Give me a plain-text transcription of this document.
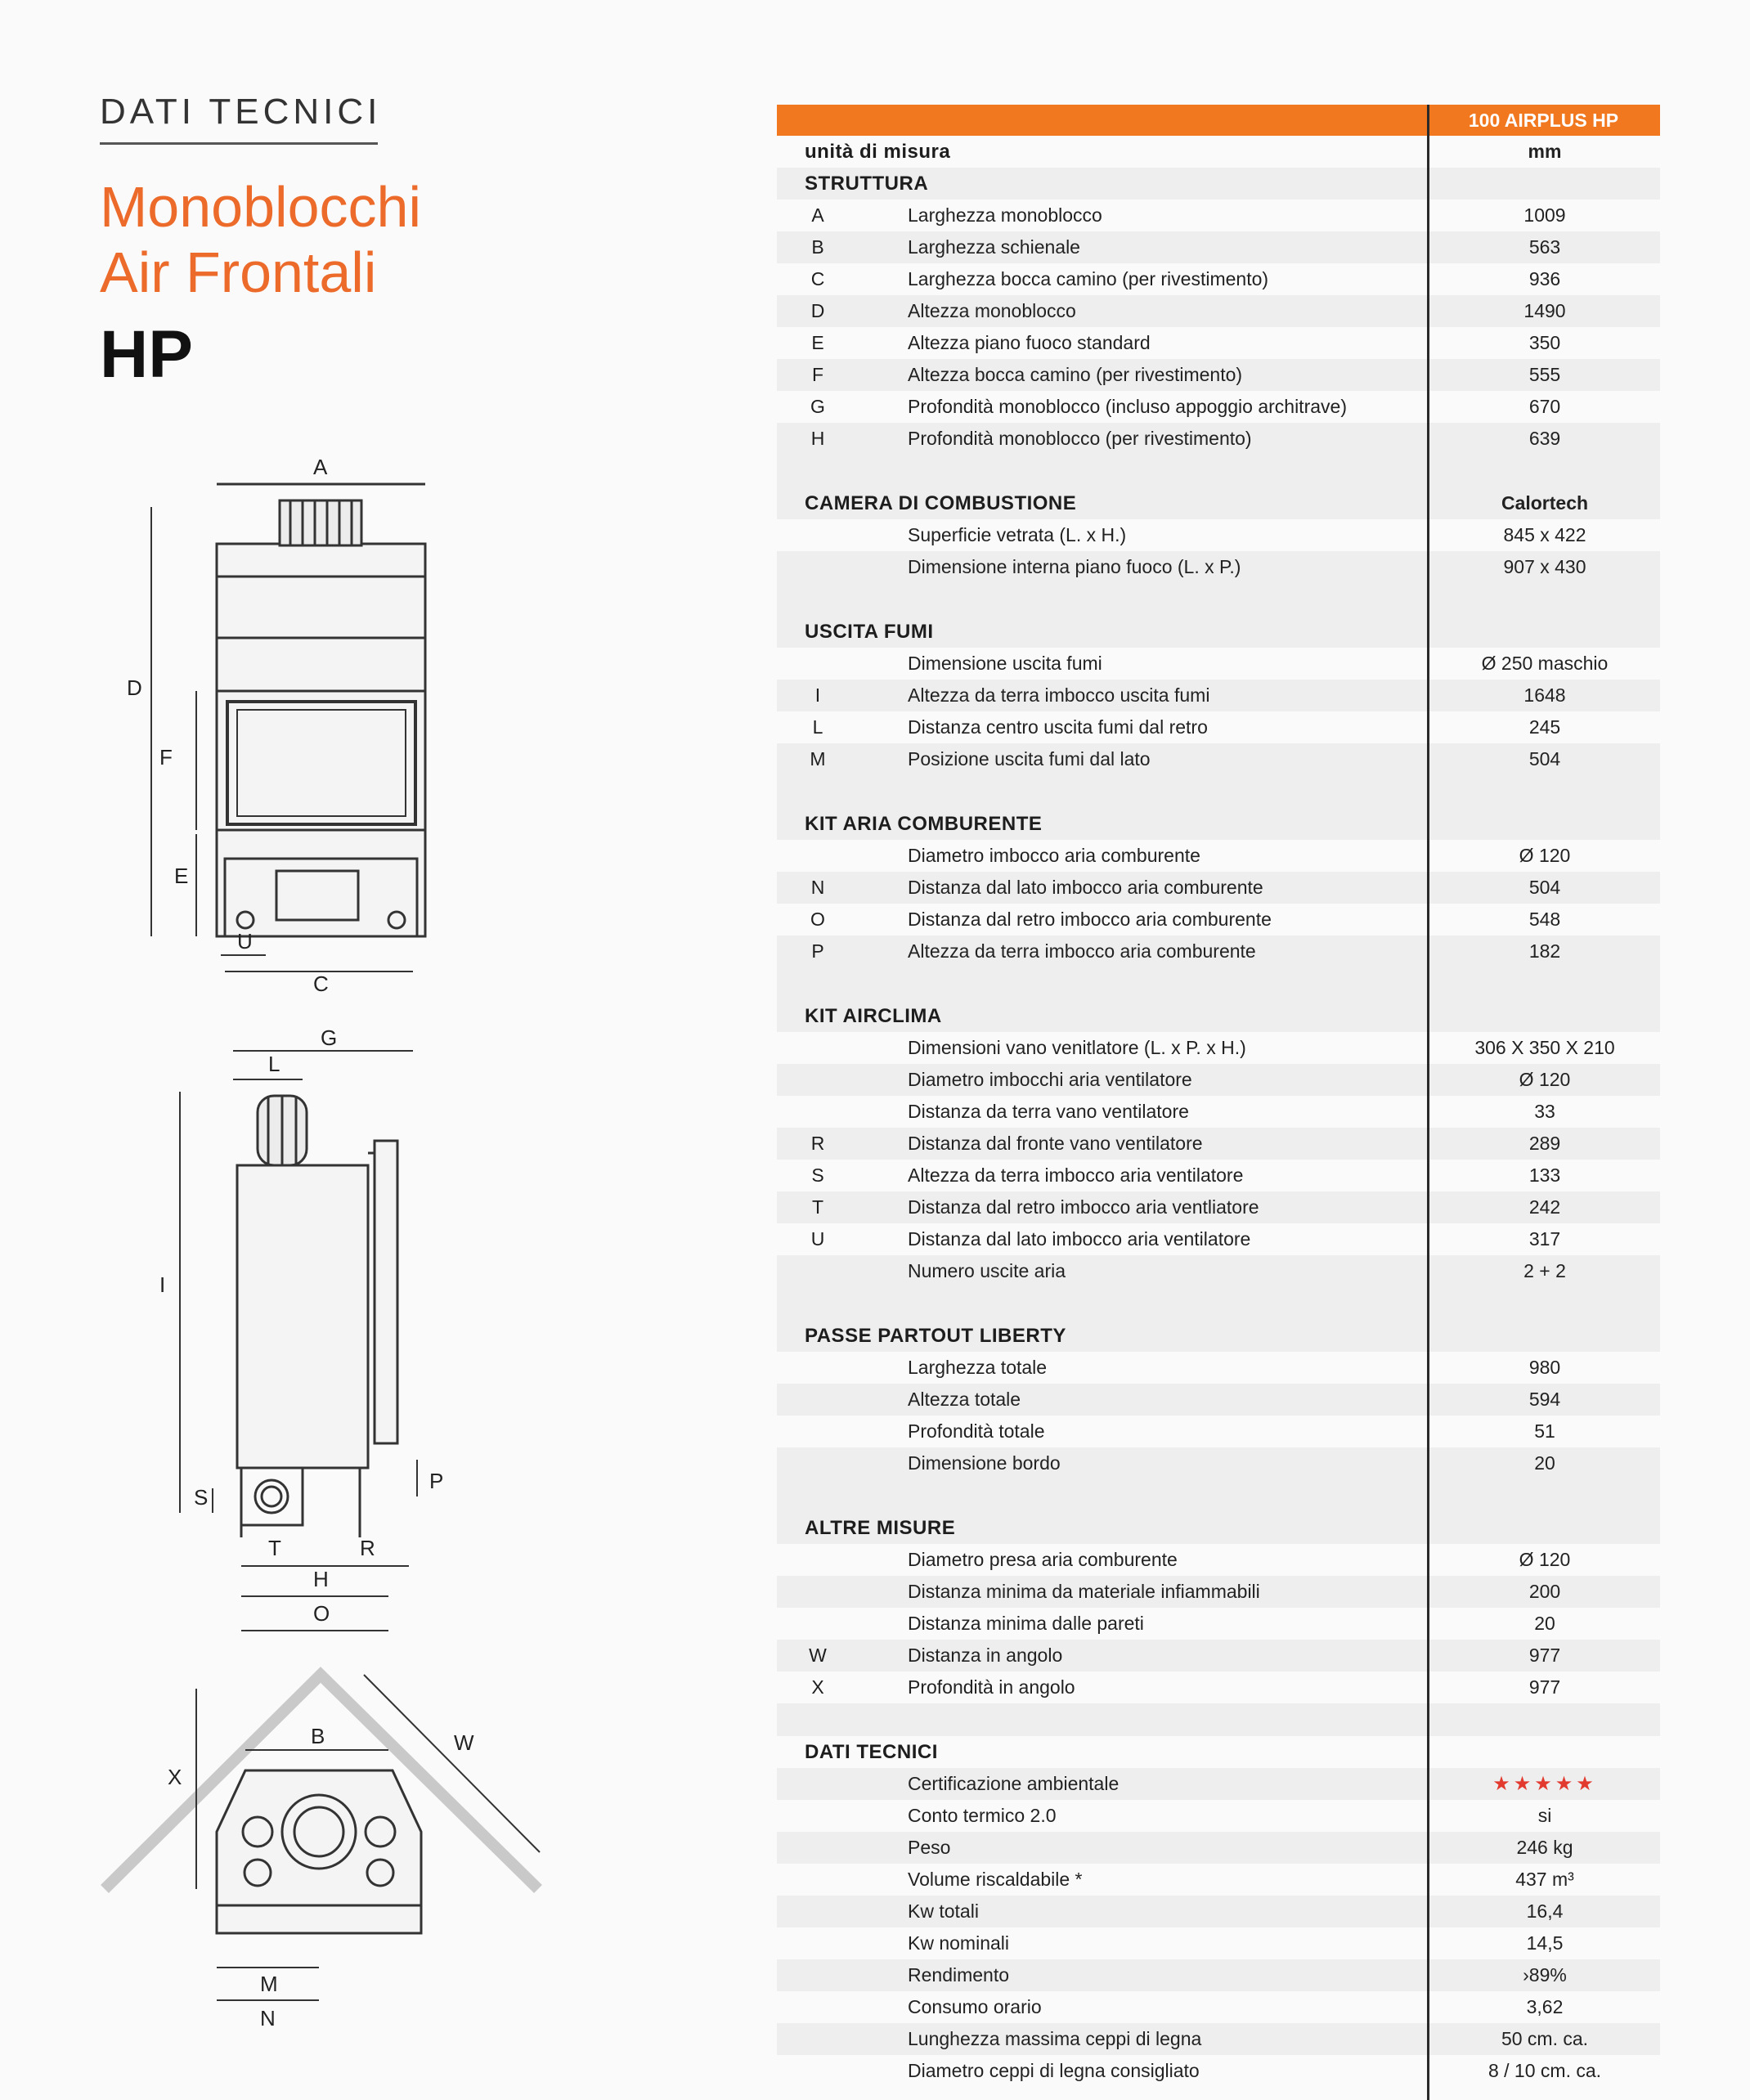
DATI TECNICI
Monoblocchi
Air Frontali
HP
A
D
F
E
U
C
G
L
I
S
P
T	R
H
O
B
X
W
M
N
100 AIRPLUS HP
unità di misura	mm
STRUTTURA
A	Larghezza monoblocco	1009
B	Larghezza schienale	563
C	Larghezza bocca camino (per rivestimento)	936
D	Altezza monoblocco	1490
E	Altezza piano fuoco standard	350
F	Altezza bocca camino (per rivestimento)	555
G	Profondità monoblocco (incluso appoggio architrave)	670
H	Profondità monoblocco (per rivestimento)	639
CAMERA DI COMBUSTIONE	Calortech
Superficie vetrata (L. x H.)	845 x 422
Dimensione interna piano fuoco (L. x P.)	907 x 430
USCITA FUMI
Dimensione uscita fumi	Ø 250 maschio
I	Altezza da terra imbocco uscita fumi	1648
L	Distanza centro uscita fumi dal retro	245
M	Posizione uscita fumi dal lato	504
KIT ARIA COMBURENTE
Diametro imbocco aria comburente	Ø 120
N	Distanza dal lato imbocco aria comburente	504
O	Distanza dal retro imbocco aria comburente	548
P	Altezza da terra imbocco aria comburente	182
KIT AIRCLIMA
Dimensioni vano venitlatore (L. x P. x H.)	306 X 350 X 210
Diametro imbocchi aria ventilatore	Ø 120
Distanza da terra vano ventilatore	33
R	Distanza dal fronte vano ventilatore	289
S	Altezza da terra imbocco aria ventilatore	133
T	Distanza dal retro imbocco aria ventliatore	242
U	Distanza dal lato imbocco aria ventilatore	317
Numero uscite aria	2 + 2
PASSE PARTOUT LIBERTY
Larghezza totale	980
Altezza totale	594
Profondità totale	51
Dimensione bordo	20
ALTRE MISURE
Diametro presa aria comburente	Ø 120
Distanza minima da materiale infiammabili	200
Distanza minima dalle pareti	20
W	Distanza in angolo	977
X	Profondità in angolo	977
DATI TECNICI
Certificazione ambientale	★★★★★
Conto termico 2.0	si
Peso	246 kg
Volume riscaldabile *	437 m³
Kw totali	16,4
Kw nominali	14,5
Rendimento	›89%
Consumo orario	3,62
Lunghezza massima ceppi di legna	50 cm. ca.
Diametro ceppi di legna consigliato	8 / 10 cm. ca.
